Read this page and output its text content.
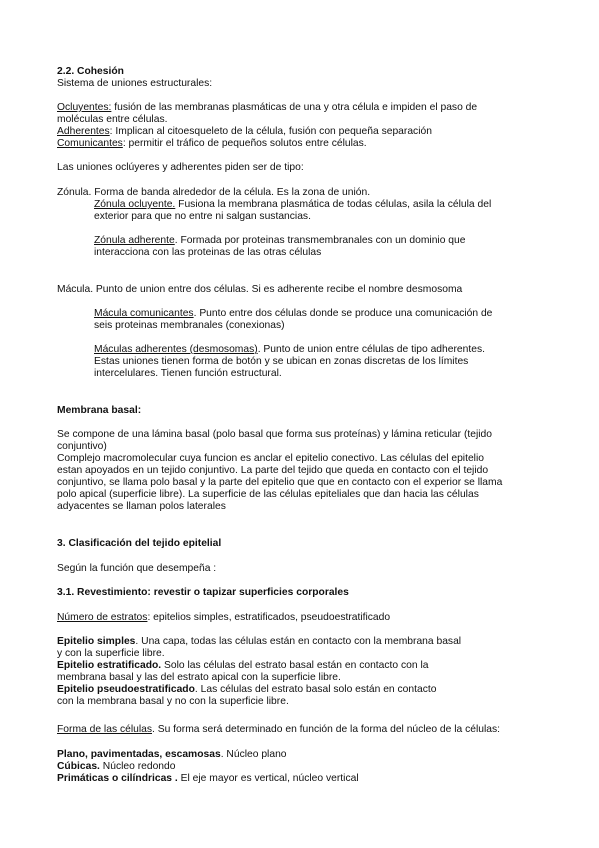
2.2. Cohesión
Sistema de uniones estructurales:
Ocluyentes: fusión de las membranas plasmáticas de una y otra célula e impiden el paso de
moléculas entre células.
Adherentes: Implican al citoesqueleto de la célula, fusión con pequeña separación
Comunicantes: permitir el tráfico de pequeños solutos entre células.
Las uniones oclúyeres y adherentes piden ser de tipo:
Zónula. Forma de banda alrededor de la célula. Es la zona de unión.
Zónula ocluyente. Fusiona la membrana plasmática de todas células, asila la célula del
exterior para que no entre ni salgan sustancias.
Zónula adherente. Formada por proteinas transmembranales con un dominio que
interacciona con las proteinas de las otras células
Mácula. Punto de union entre dos células. Si es adherente recibe el nombre desmosoma
Mácula comunicantes. Punto entre dos células donde se produce una comunicación de
seis proteinas membranales (conexionas)
Máculas adherentes (desmosomas). Punto de union entre células de tipo adherentes.
Estas uniones tienen forma de botón y se ubican en zonas discretas de los límites
intercelulares. Tienen función estructural.
Membrana basal:
Se compone de una lámina basal (polo basal que forma sus proteínas) y lámina reticular (tejido
conjuntivo)
Complejo macromolecular cuya funcion es anclar el epitelio conectivo. Las células del epitelio
estan apoyados en un tejido conjuntivo. La parte del tejido que queda en contacto con el tejido
conjuntivo, se llama polo basal y la parte del epitelio que que en contacto con el experior se llama
polo apical (superficie libre). La superficie de las células epiteliales que dan hacia las células
adyacentes se llaman polos laterales
3. Clasificación del tejido epitelial
Según la función que desempeña :
3.1. Revestimiento: revestir o tapizar superficies corporales
Número de estratos: epitelios simples, estratificados, pseudoestratificado
Epitelio simples. Una capa, todas las células están en contacto con la membrana basal
y con la superficie libre.
Epitelio estratificado. Solo las células del estrato basal están en contacto con la
membrana basal y las del estrato apical con la superficie libre.
Epitelio pseudoestratificado. Las células del estrato basal solo están en contacto
con la membrana basal y no con la superficie libre.
Forma de las células. Su forma será determinado en función de la forma del núcleo de la células:
Plano, pavimentadas, escamosas. Núcleo plano
Cúbicas. Núcleo redondo
Primáticas o cilíndricas . El eje mayor es vertical, núcleo vertical
